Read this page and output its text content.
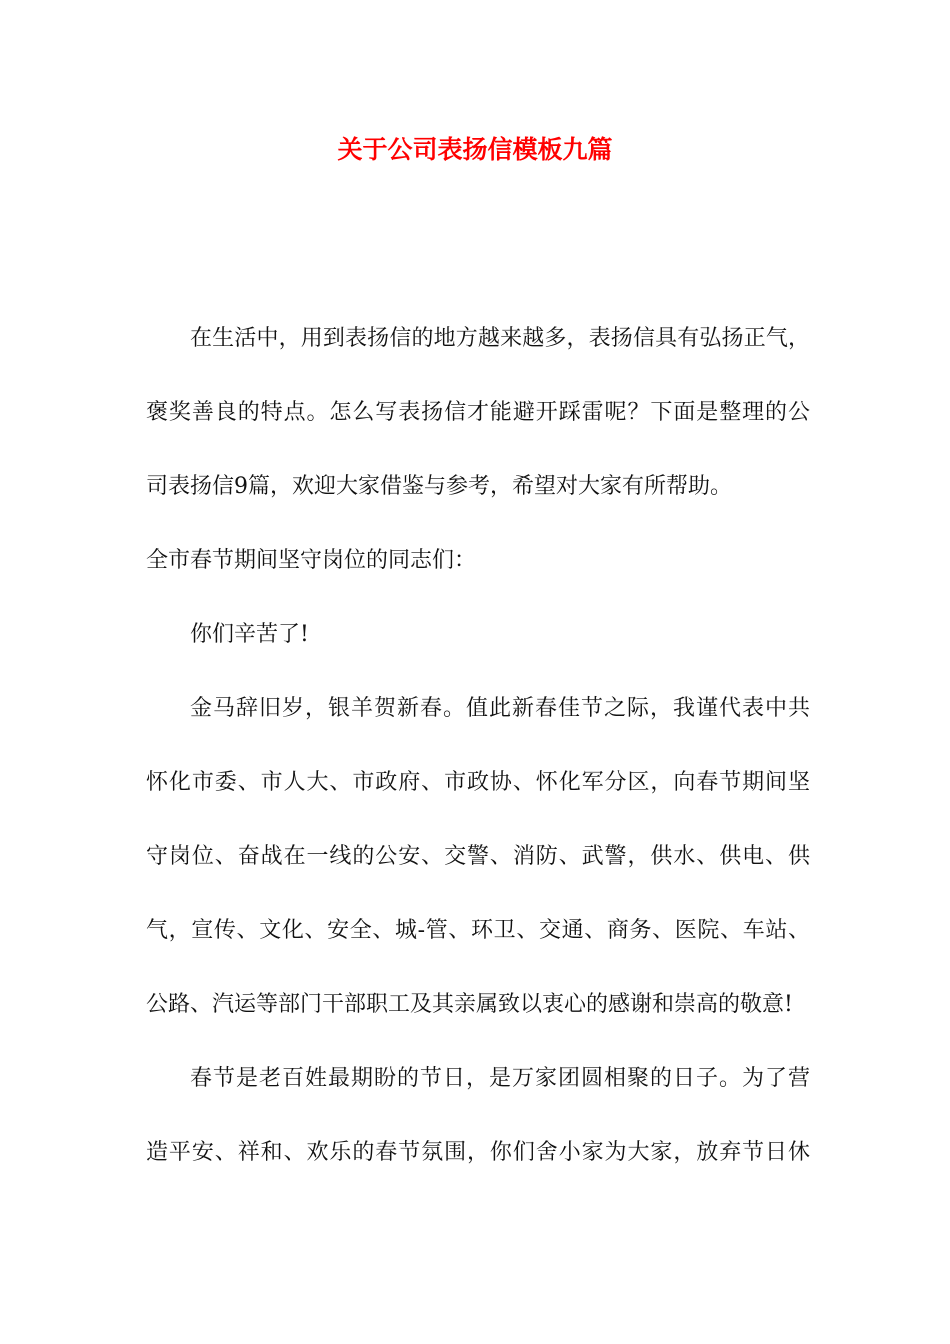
关于公司表扬信模板九篇
在生活中，用到表扬信的地方越来越多，表扬信具有弘扬正气，
褒奖善良的特点。怎么写表扬信才能避开踩雷呢？下面是整理的公
司表扬信9篇，欢迎大家借鉴与参考，希望对大家有所帮助。
全市春节期间坚守岗位的同志们：
你们辛苦了!
金马辞旧岁，银羊贺新春。值此新春佳节之际，我谨代表中共
怀化市委、市人大、市政府、市政协、怀化军分区，向春节期间坚
守岗位、奋战在一线的公安、交警、消防、武警，供水、供电、供
气，宣传、文化、安全、城-管、环卫、交通、商务、医院、车站、
公路、汽运等部门干部职工及其亲属致以衷心的感谢和崇高的敬意!
春节是老百姓最期盼的节日，是万家团圆相聚的日子。为了营
造平安、祥和、欢乐的春节氛围，你们舍小家为大家，放弃节日休
